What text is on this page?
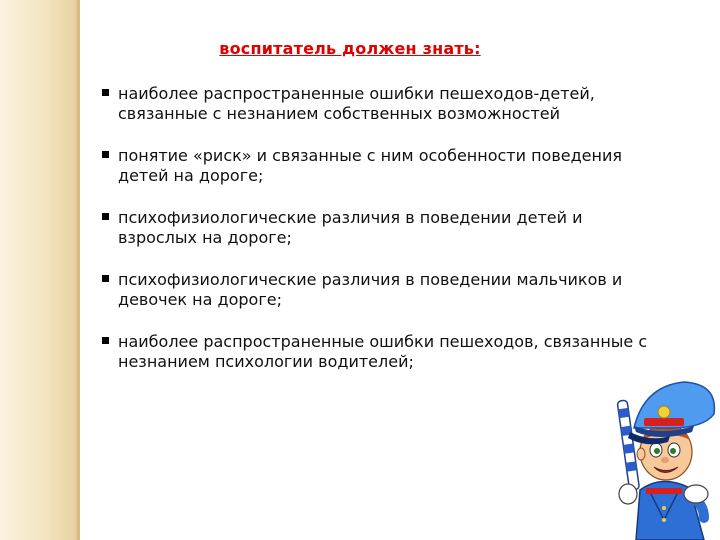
воспитатель должен знать:
наиболее распространенные ошибки пешеходов-детей, связанные с незнанием собственных возможностей
понятие «риск» и связанные с ним особенности поведения детей на дороге;
психофизиологические различия в поведении детей и взрослых на дороге;
психофизиологические различия в поведении мальчиков и девочек на дороге;
наиболее распространенные ошибки пешеходов, связанные с незнанием психологии водителей;
